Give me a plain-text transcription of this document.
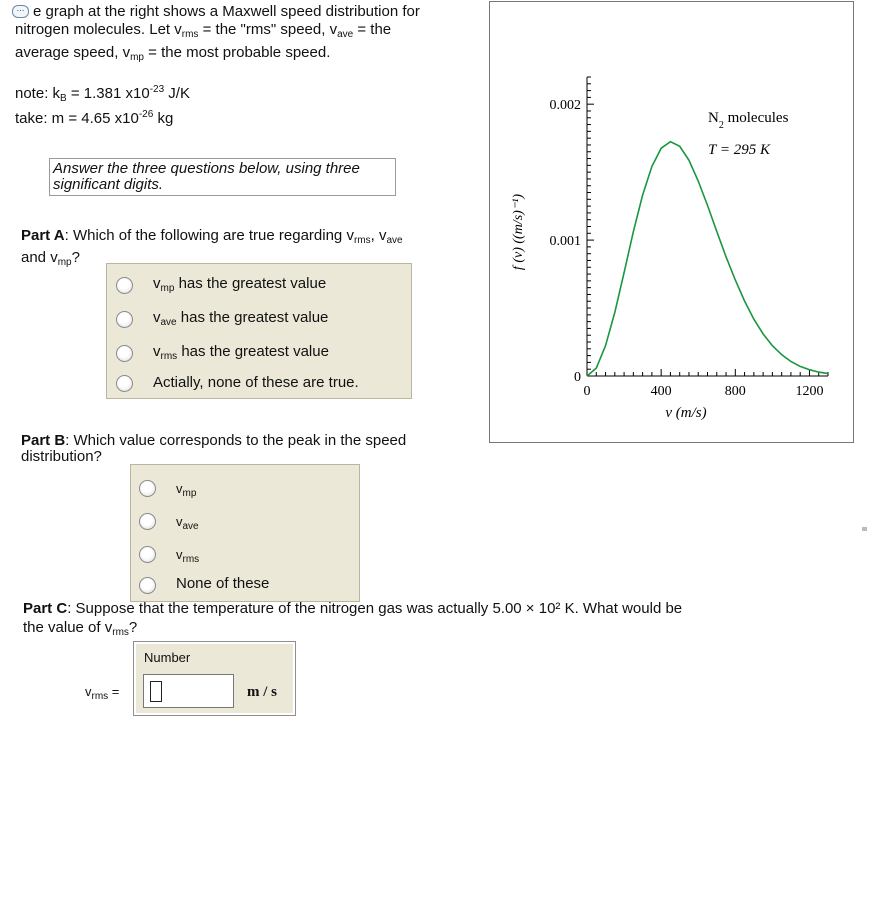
⋯ e graph at the right shows a Maxwell speed distribution for
nitrogen molecules. Let $v_{rms}$ = the "rms" speed, $v_{ave}$ = the
average speed, $v_{mp}$ = the most probable speed.
note: $k_B = 1.381$ $x10^{-23}$ J/K
take: m = 4.65 $x10^{-26}$ kg
Answer the three questions below, using three
significant digits.
Part A: Which of the following are true regarding $v_{rms}$, $v_{ave}$
and $v_{mp}$?
$v_{mp}$ has the greatest value
$v_{ave}$ has the greatest value
$v_{rms}$ has the greatest value
Actially, none of these are true.
Part B: Which value corresponds to the peak in the speed
distribution?
$v_{mp}$
$v_{ave}$
$v_{rms}$
None of these
Part C: Suppose that the temperature of the nitrogen gas was actually 5.00 × 10² K. What would be
the value of $v_{rms}$?
Number
$v_{rms}$ =	m / s
0	400	800	1200
0
0.001
0.002
$N_2$ molecules
T = 295 K
v (m/s)
f (v) ((m/s)⁻¹)
